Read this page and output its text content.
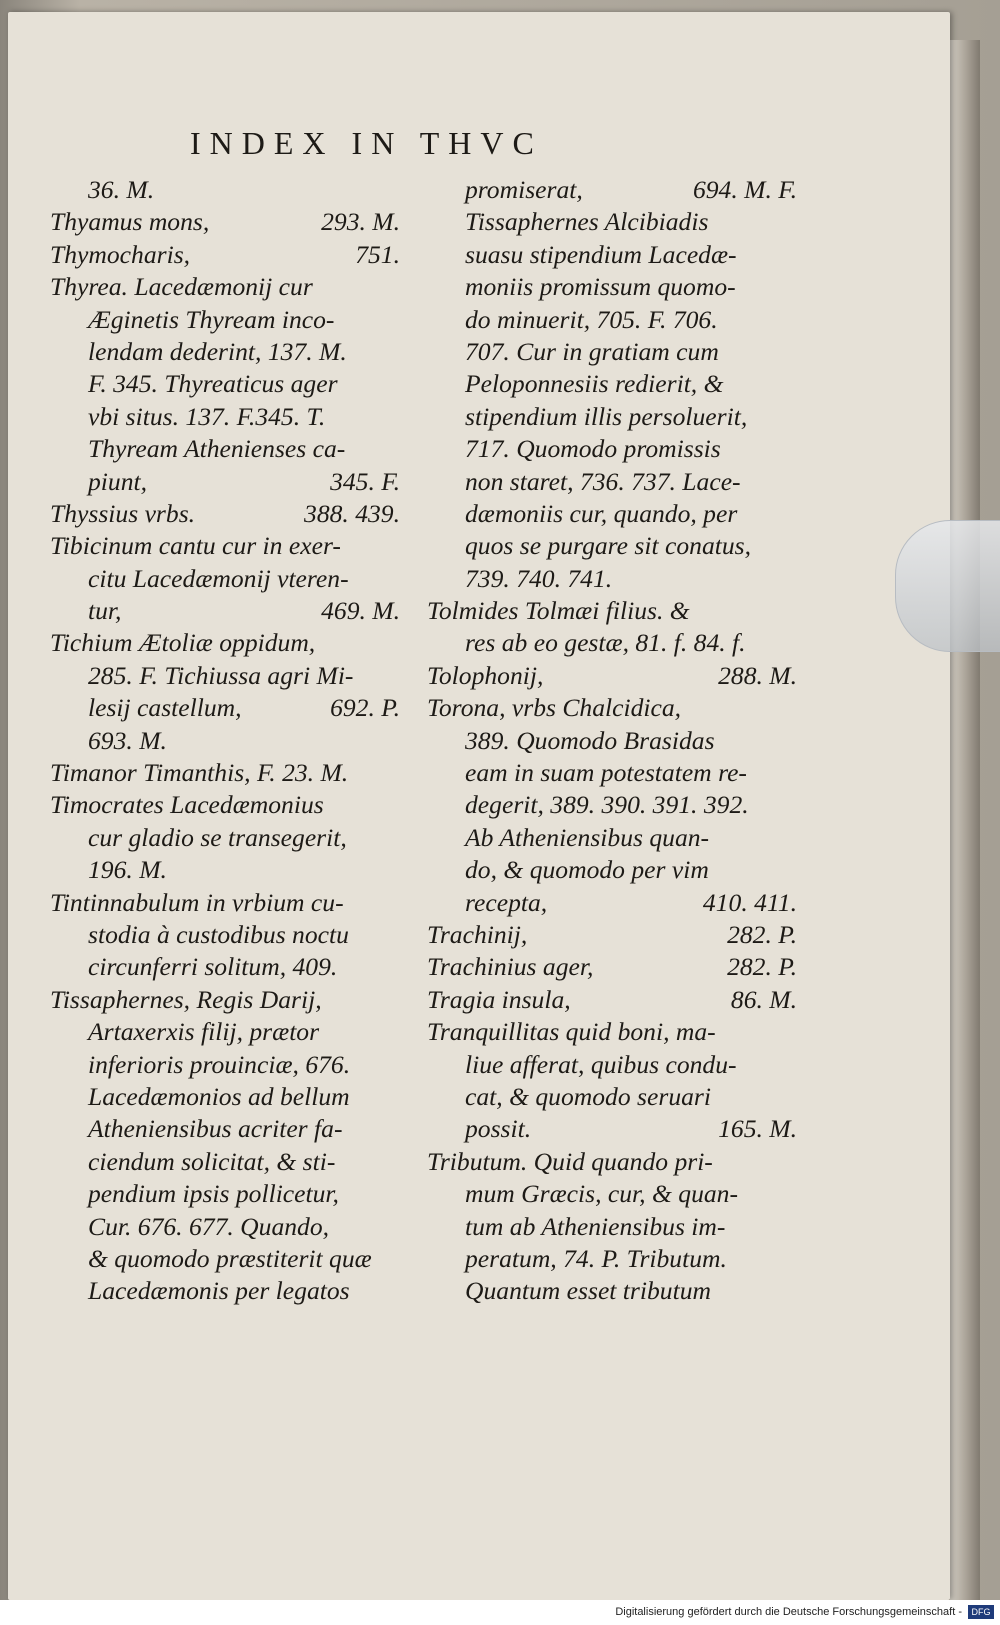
INDEX IN THVC
36. M.
Thyamus mons,	293. M.
Thymocharis,	751.
Thyrea. Lacedæmonij cur
Æginetis Thyream inco-
lendam dederint, 137. M.
F. 345. Thyreaticus ager
vbi situs. 137. F.345. T.
Thyream Athenienses ca-
piunt,	345. F.
Thyssius vrbs.	388. 439.
Tibicinum cantu cur in exer-
citu Lacedæmonij vteren-
tur,	469. M.
Tichium Ætoliæ oppidum,
285. F. Tichiussa agri Mi-
lesij castellum,	692. P.
693. M.
Timanor Timanthis, F. 23. M.
Timocrates Lacedæmonius
cur gladio se transegerit,
196. M.
Tintinnabulum in vrbium cu-
stodia à custodibus noctu
circunferri solitum, 409.
Tissaphernes, Regis Darij,
Artaxerxis filij, prætor
inferioris prouinciæ, 676.
Lacedæmonios ad bellum
Atheniensibus acriter fa-
ciendum solicitat, & sti-
pendium ipsis pollicetur,
Cur. 676. 677. Quando,
& quomodo præstiterit quæ
Lacedæmonis per legatos
promiserat,	694. M. F.
Tissaphernes Alcibiadis
suasu stipendium Lacedæ-
moniis promissum quomo-
do minuerit, 705. F. 706.
707. Cur in gratiam cum
Peloponnesiis redierit, &
stipendium illis persoluerit,
717. Quomodo promissis
non staret, 736. 737. Lace-
dæmoniis cur, quando, per
quos se purgare sit conatus,
739. 740. 741.
Tolmides Tolmæi filius. &
res ab eo gestæ, 81. f. 84. f.
Tolophonij,	288. M.
Torona, vrbs Chalcidica,
389. Quomodo Brasidas
eam in suam potestatem re-
degerit, 389. 390. 391. 392.
Ab Atheniensibus quan-
do, & quomodo per vim
recepta,	410. 411.
Trachinij,	282. P.
Trachinius ager,	282. P.
Tragia insula,	86. M.
Tranquillitas quid boni, ma-
liue afferat, quibus condu-
cat, & quomodo seruari
possit.	165. M.
Tributum. Quid quando pri-
mum Græcis, cur, & quan-
tum ab Atheniensibus im-
peratum, 74. P. Tributum.
Quantum esset tributum
Digitalisierung gefördert durch die Deutsche Forschungsgemeinschaft -	DFG
